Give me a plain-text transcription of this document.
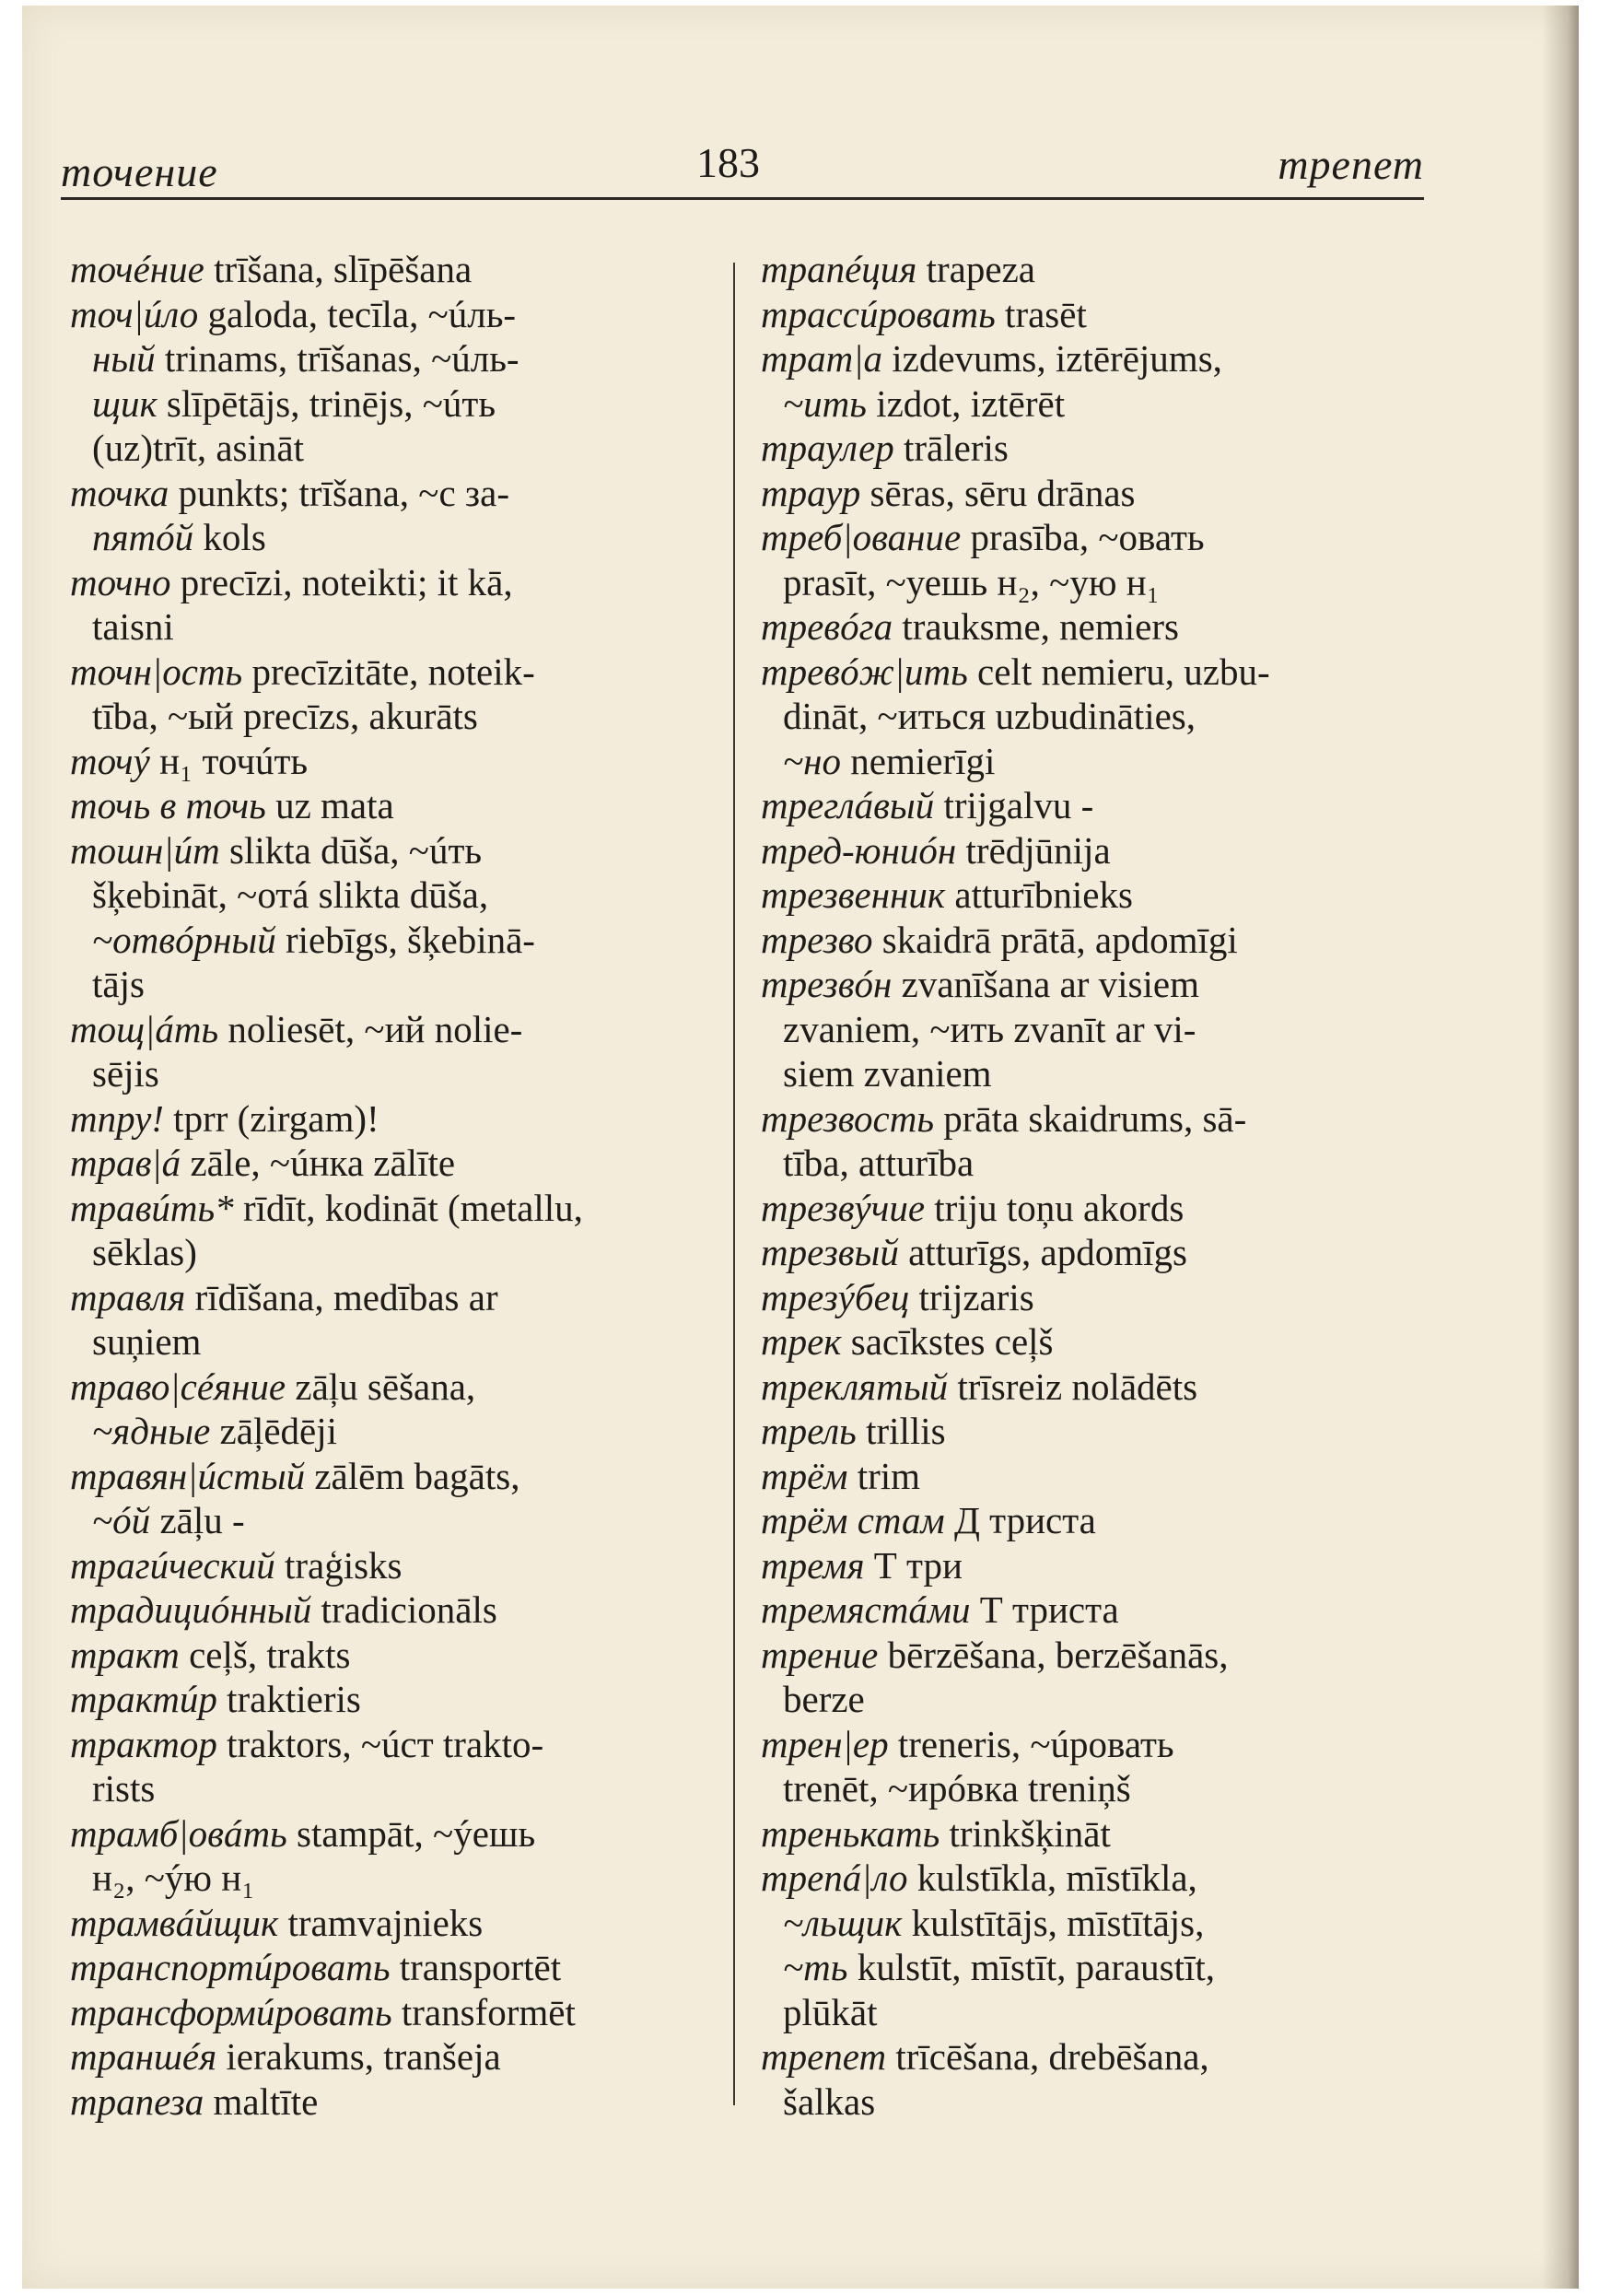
точение	183	трепет
точéние trīšana, slīpēšana
точ|úло galoda, tecīla, ~úль-
ный trinams, trīšanas, ~úль-
щик slīpētājs, trinējs, ~úть
(uz)trīt, asināt
точка punkts; trīšana, ~с за-
пятóй kols
точно precīzi, noteikti; it kā,
taisni
точн|ость precīzitāte, noteik-
tība, ~ый precīzs, akurāts
точý н₁ точúть
точь в точь uz mata
тошн|úт slikta dūša, ~úть
šķebināt, ~отá slikta dūša,
~отвóрный riebīgs, šķebinā-
tājs
тощ|áть noliesēt, ~ий nolie-
sējis
тпру! tprr (zirgam)!
трав|á zāle, ~úнка zālīte
травúть* rīdīt, kodināt (metallu,
sēklas)
травля rīdīšana, medības ar
suņiem
траво|сéяние zāļu sēšana,
~ядные zāļēdēji
травян|úстый zālēm bagāts,
~óй zāļu -
трагúческий traģisks
традициóнный tradicionāls
тракт ceļš, trakts
трактúр traktieris
трактор traktors, ~úст trakto-
rists
трамб|овáть stampāt, ~ýешь
н₂, ~ýю н₁
трамвáйщик tramvajnieks
транспортúровать transportēt
трансформúровать transformēt
траншéя ierakums, tranšeja
трапеза maltīte
трапéция trapeza
трассúровать trasēt
трат|а izdevums, iztērējums,
~ить izdot, iztērēt
траулер trāleris
траур sēras, sēru drānas
треб|ование prasība, ~овать
prasīt, ~уешь н₂, ~ую н₁
тревóга trauksme, nemiers
тревóж|ить celt nemieru, uzbu-
dināt, ~иться uzbudināties,
~но nemierīgi
треглáвый trijgalvu -
тред-юниóн trēdjūnija
трезвенник atturībnieks
трезво skaidrā prātā, apdomīgi
трезвóн zvanīšana ar visiem
zvaniem, ~ить zvanīt ar vi-
siem zvaniem
трезвость prāta skaidrums, sā-
tība, atturība
трезвýчие triju toņu akords
трезвый atturīgs, apdomīgs
трезýбец trijzaris
трек sacīkstes ceļš
треклятый trīsreiz nolādēts
трель trillis
трём trim
трём стам Д триста
тремя Т три
тремястáми Т триста
трение bērzēšana, berzēšanās,
berze
трен|ер treneris, ~úровать
trenēt, ~ирóвка treniņš
тренькать trinkšķināt
трепá|ло kulstīkla, mīstīkla,
~льщик kulstītājs, mīstītājs,
~ть kulstīt, mīstīt, paraustīt,
plūkāt
трепет trīcēšana, drebēšana,
šalkas
